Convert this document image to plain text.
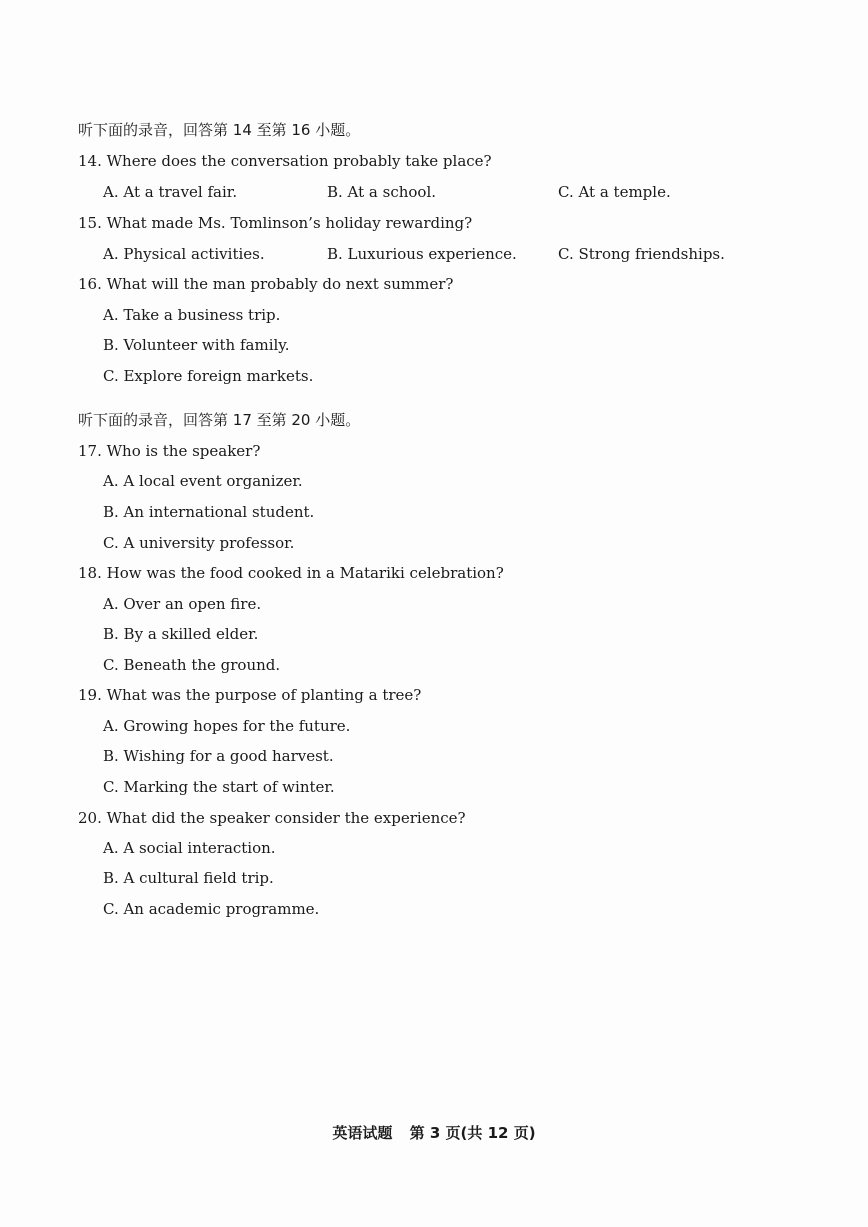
听下面的录音，回答第 14 至第 16 小题。
14. Where does the conversation probably take place?
A. At a travel fair.	B. At a school.	C. At a temple.
15. What made Ms. Tomlinson’s holiday rewarding?
A. Physical activities.	B. Luxurious experience.	C. Strong friendships.
16. What will the man probably do next summer?
A. Take a business trip.
B. Volunteer with family.
C. Explore foreign markets.
听下面的录音，回答第 17 至第 20 小题。
17. Who is the speaker?
A. A local event organizer.
B. An international student.
C. A university professor.
18. How was the food cooked in a Matariki celebration?
A. Over an open fire.
B. By a skilled elder.
C. Beneath the ground.
19. What was the purpose of planting a tree?
A. Growing hopes for the future.
B. Wishing for a good harvest.
C. Marking the start of winter.
20. What did the speaker consider the experience?
A. A social interaction.
B. A cultural field trip.
C. An academic programme.
英语试题 第 3 页(共 12 页)
